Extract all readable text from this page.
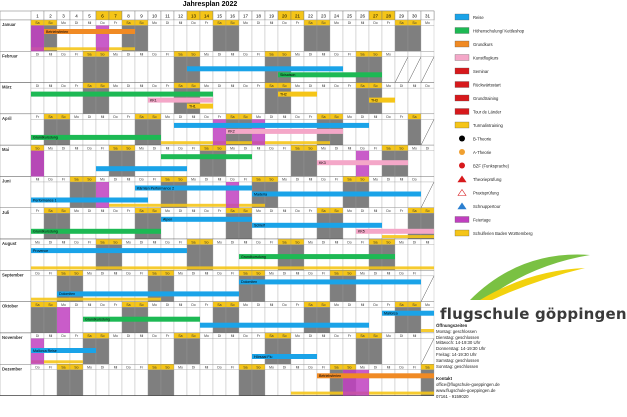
Jahresplan 2022
1 2 3 4 5 6 7 8 9 10 11 12 13 14 15 16 17 18 19 20 21 22 23 24 25 26 27 28 29 30 31
Januar	Sa	So	Mo	Di	Mi	Do	Fr	Sa	So	Mo	Di	Mi	Do	Fr	Sa	So	Mo	Di	Mi	Do	Fr	Sa	So	Mo	Di	Mi	Do	Fr	Sa	So	Mo
Februar	Di	Mi	Do	Fr	Sa	So	Mo	Di	Mi	Do	Fr	Sa	So	Mo	Di	Mi	Do	Fr	Sa	So	Mo	Di	Mi	Do	Fr	Sa	So	Mo
März	Di	Mi	Do	Fr	Sa	So	Mo	Di	Mi	Do	Fr	Sa	So	Mo	Di	Mi	Do	Fr	Sa	So	Mo	Di	Mi	Do	Fr	Sa	So	Mo	Di	Mi	Do
April	Fr	Sa	So	Mo	Di	Mi	Do	Fr	Sa	So	Mo	Di	Mi	Do	Fr	Sa	So	Mo	Di	Mi	Do	Fr	Sa	So	Mo	Di	Mi	Do	Fr	Sa
Mai	So	Mo	Di	Mi	Do	Fr	Sa	So	Mo	Di	Mi	Do	Fr	Sa	So	Mo	Di	Mi	Do	Fr	Sa	So	Mo	Di	Mi	Do	Fr	Sa	So	Mo	Di
Juni	Mi	Do	Fr	Sa	So	Mo	Di	Mi	Do	Fr	Sa	So	Mo	Di	Mi	Do	Fr	Sa	So	Mo	Di	Mi	Do	Fr	Sa	So	Mo	Di	Mi	Do
Juli	Fr	Sa	So	Mo	Di	Mi	Do	Fr	Sa	So	Mo	Di	Mi	Do	Fr	Sa	So	Mo	Di	Mi	Do	Fr	Sa	So	Mo	Di	Mi	Do	Fr	Sa	So
August	Mo	Di	Mi	Do	Fr	Sa	So	Mo	Di	Mi	Do	Fr	Sa	So	Mo	Di	Mi	Do	Fr	Sa	So	Mo	Di	Mi	Do	Fr	Sa	So	Mo	Di	Mi
September	Do	Fr	Sa	So	Mo	Di	Mi	Do	Fr	Sa	So	Mo	Di	Mi	Do	Fr	Sa	So	Mo	Di	Mi	Do	Fr	Sa	So	Mo	Di	Mi	Do	Fr
Oktober	Sa	So	Mo	Di	Mi	Do	Fr	Sa	So	Mo	Di	Mi	Do	Fr	Sa	So	Mo	Di	Mi	Do	Fr	Sa	So	Mo	Di	Mi	Do	Fr	Sa	So	Mo
November	Di	Mi	Do	Fr	Sa	So	Mo	Di	Mi	Do	Fr	Sa	So	Mo	Di	Mi	Do	Fr	Sa	So	Mo	Di	Mi	Do	Fr	Sa	So	Mo	Di	Mi
Dezember	Do	Fr	Sa	So	Mo	Di	Mi	Do	Fr	Sa	So	Mo	Di	Mi	Do	Fr	Sa	So	Mo	Di	Mi	Do	Fr	Sa	So	Mo	Di	Mi	Do	Fr	Sa
Betriebsferien
Skisaison
KK1
TH1
TH2
TH3
Grundkursdung
KK2
KK3
Performance 1
Kärnten Performance 2
Madeira
Grundkursdung
Alpen
Schleif
KK5
Provence
Grundkursdung
Dolomiten
Dolomiten
Grundkursdung
Mallorca
Mallorca Reise
Hörsaal Flu
Betriebsferien
Reise
Höhenschulung/ Kettleshop
Grundkurs
Kunstflugkurs
Seminar
Rückwärtsstart
Grundtraining
Tour de Länder
Turmalintraining
B-Theorie
A-Theorie
BZF (Funksprache)
Theorieprüfung
Praxisprüfung
Schnuppertour
Feiertage
Schulferien Baden Württemberg
flugschule göppingen
Öffnungszeiten
Montag: geschlossen
Dienstag: geschlossen
Mittwoch: 14-19:30 Uhr
Donnerstag: 14-19:30 Uhr
Freitag: 14-19:30 Uhr
Samstag: geschlossen
Sonntag: geschlossen
Kontakt
office@flugschule-goeppingen.de
www.flugschule-goeppingen.de
07161 - 9159020
